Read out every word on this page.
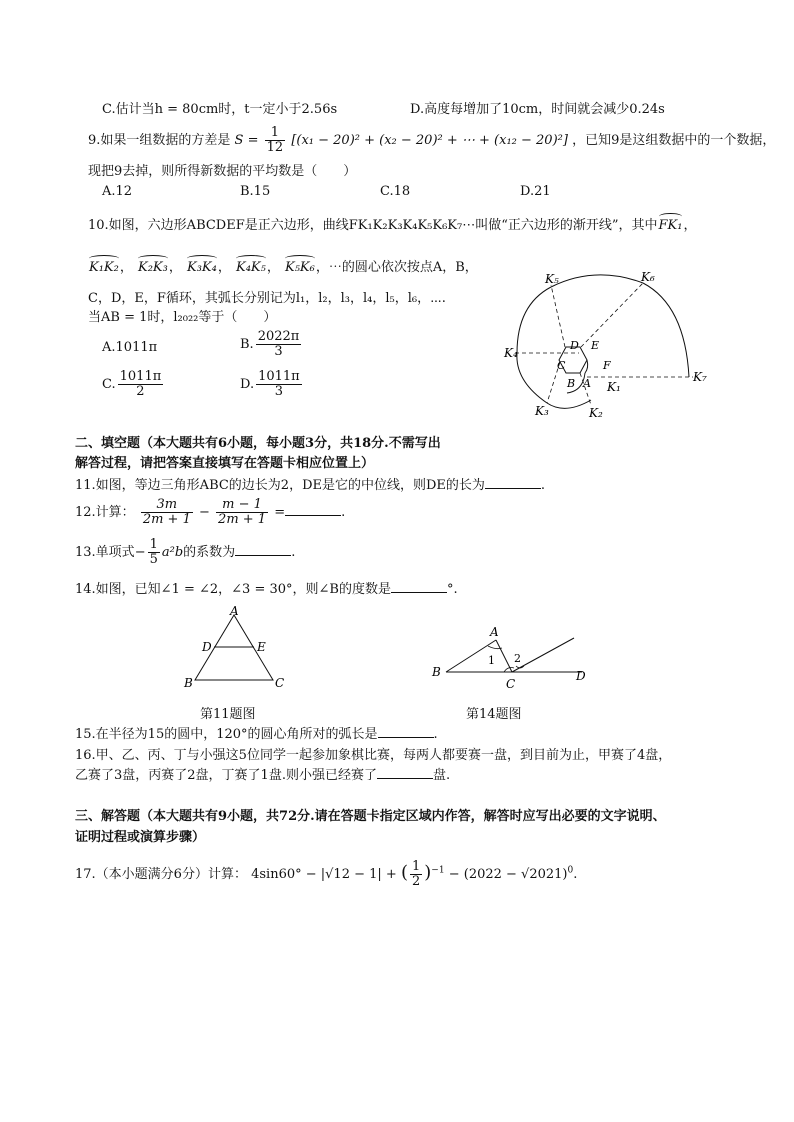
C.估计当h = 80cm时，t一定小于2.56s	D.高度每增加了10cm，时间就会减少0.24s
9.如果一组数据的方差是 $S = \frac{1}{12} [(x_1 - 20)^2 + (x_2 - 20)^2$ + ⋯ + (x₁₂ − 20)²] ，已知9是这组数据中的一个数据，
现把9去掉，则所得新数据的平均数是（　　）
A.12	B.15	C.18	D.21
10.如图，六边形ABCDEF是正六边形，曲线FK₁K₂K₃K₄K₅K₆K₇⋯叫做“正六边形的渐开线”，其中FK₁，
K₁K₂， K₂K₃， K₃K₄， K₄K₅， K₅K₆，⋯的圆心依次按点A，B，
C，D，E，F循环，其弧长分别记为l₁，l₂，l₃，l₄，l₅，l₆，⋯.
当AB = 1时，l₂₀₂₂等于（　　）
A.1011π	B. $\frac{2022\pi}{3}$
C. $\frac{1011\pi}{2}$	D. $\frac{1011\pi}{3}$
K₅	K₆
K₄
K₇
K₃	K₂
K₁
D E
C	F
B A
二、填空题（本大题共有6小题，每小题3分，共18分.不需写出
解答过程，请把答案直接填写在答题卡相应位置上）
11.如图，等边三角形ABC的边长为2，DE是它的中位线，则DE的长为	.
12.计算： $\frac{3m}{2m + 1} - \frac{m - 1}{2m + 1}$ =	.
13.单项式− $\frac{1}{5} a^2b$的系数为	.
14.如图，已知∠1 = ∠2，∠3 = 30°，则∠B的度数是	°.
A
D	E
B	C
A
B
C
D
1 2
第11题图	第14题图
15.在半径为15的圆中，120°的圆心角所对的弧长是	.
16.甲、乙、丙、丁与小强这5位同学一起参加象棋比赛，每两人都要赛一盘，到目前为止，甲赛了4盘，
乙赛了3盘，丙赛了2盘，丁赛了1盘.则小强已经赛了	盘.
三、解答题（本大题共有9小题，共72分.请在答题卡指定区域内作答，解答时应写出必要的文字说明、
证明过程或演算步骤）
17.（本小题满分6分）计算： 4sin60° − |√12 − 1| + ( $\frac{1}{2} )^{-1} - (2022 - √2021)^0$.
